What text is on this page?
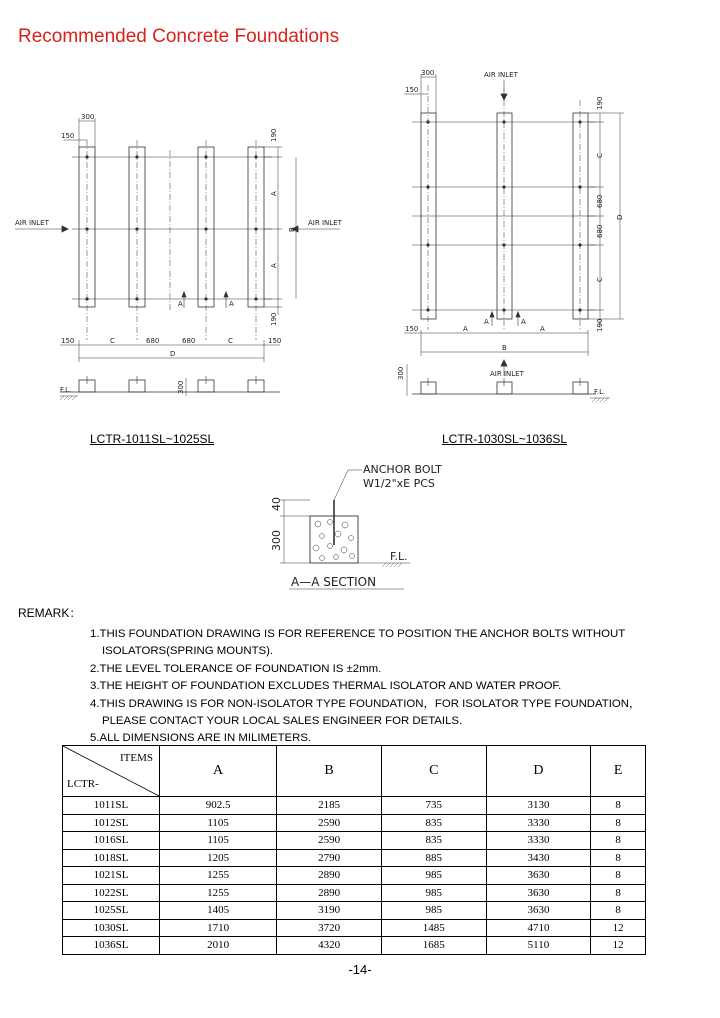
Recommended Concrete Foundations
300
150	190
A
B
A
190
150	C	680	680	C	150
D
300
F.L.
AIR INLET	AIR INLET
A	A
300
150
190
C
680
680
C
190
D
150	A	A
B
300
F.L.
AIR INLET
AIR INLET
A	A
ANCHOR BOLT
W1/2"xE PCS
40
300
F.L.
A—A SECTION
LCTR-1011SL~1025SL	LCTR-1030SL~1036SL
REMARK：
1.THIS FOUNDATION DRAWING IS FOR REFERENCE TO POSITION THE ANCHOR BOLTS WITHOUT
ISOLATORS(SPRING MOUNTS).
2.THE LEVEL TOLERANCE OF FOUNDATION IS ±2mm.
3.THE HEIGHT OF FOUNDATION EXCLUDES THERMAL ISOLATOR AND WATER PROOF.
4.THIS DRAWING IS FOR NON-ISOLATOR TYPE FOUNDATION，FOR ISOLATOR TYPE FOUNDATION，
PLEASE CONTACT YOUR LOCAL SALES ENGINEER FOR DETAILS.
5.ALL DIMENSIONS ARE IN MILIMETERS.
ITEMS
LCTR-	A	B	C	D	E
1011SL	902.5	2185	735	3130	8
1012SL	1105	2590	835	3330	8
1016SL	1105	2590	835	3330	8
1018SL	1205	2790	885	3430	8
1021SL	1255	2890	985	3630	8
1022SL	1255	2890	985	3630	8
1025SL	1405	3190	985	3630	8
1030SL	1710	3720	1485	4710	12
1036SL	2010	4320	1685	5110	12
-14-
